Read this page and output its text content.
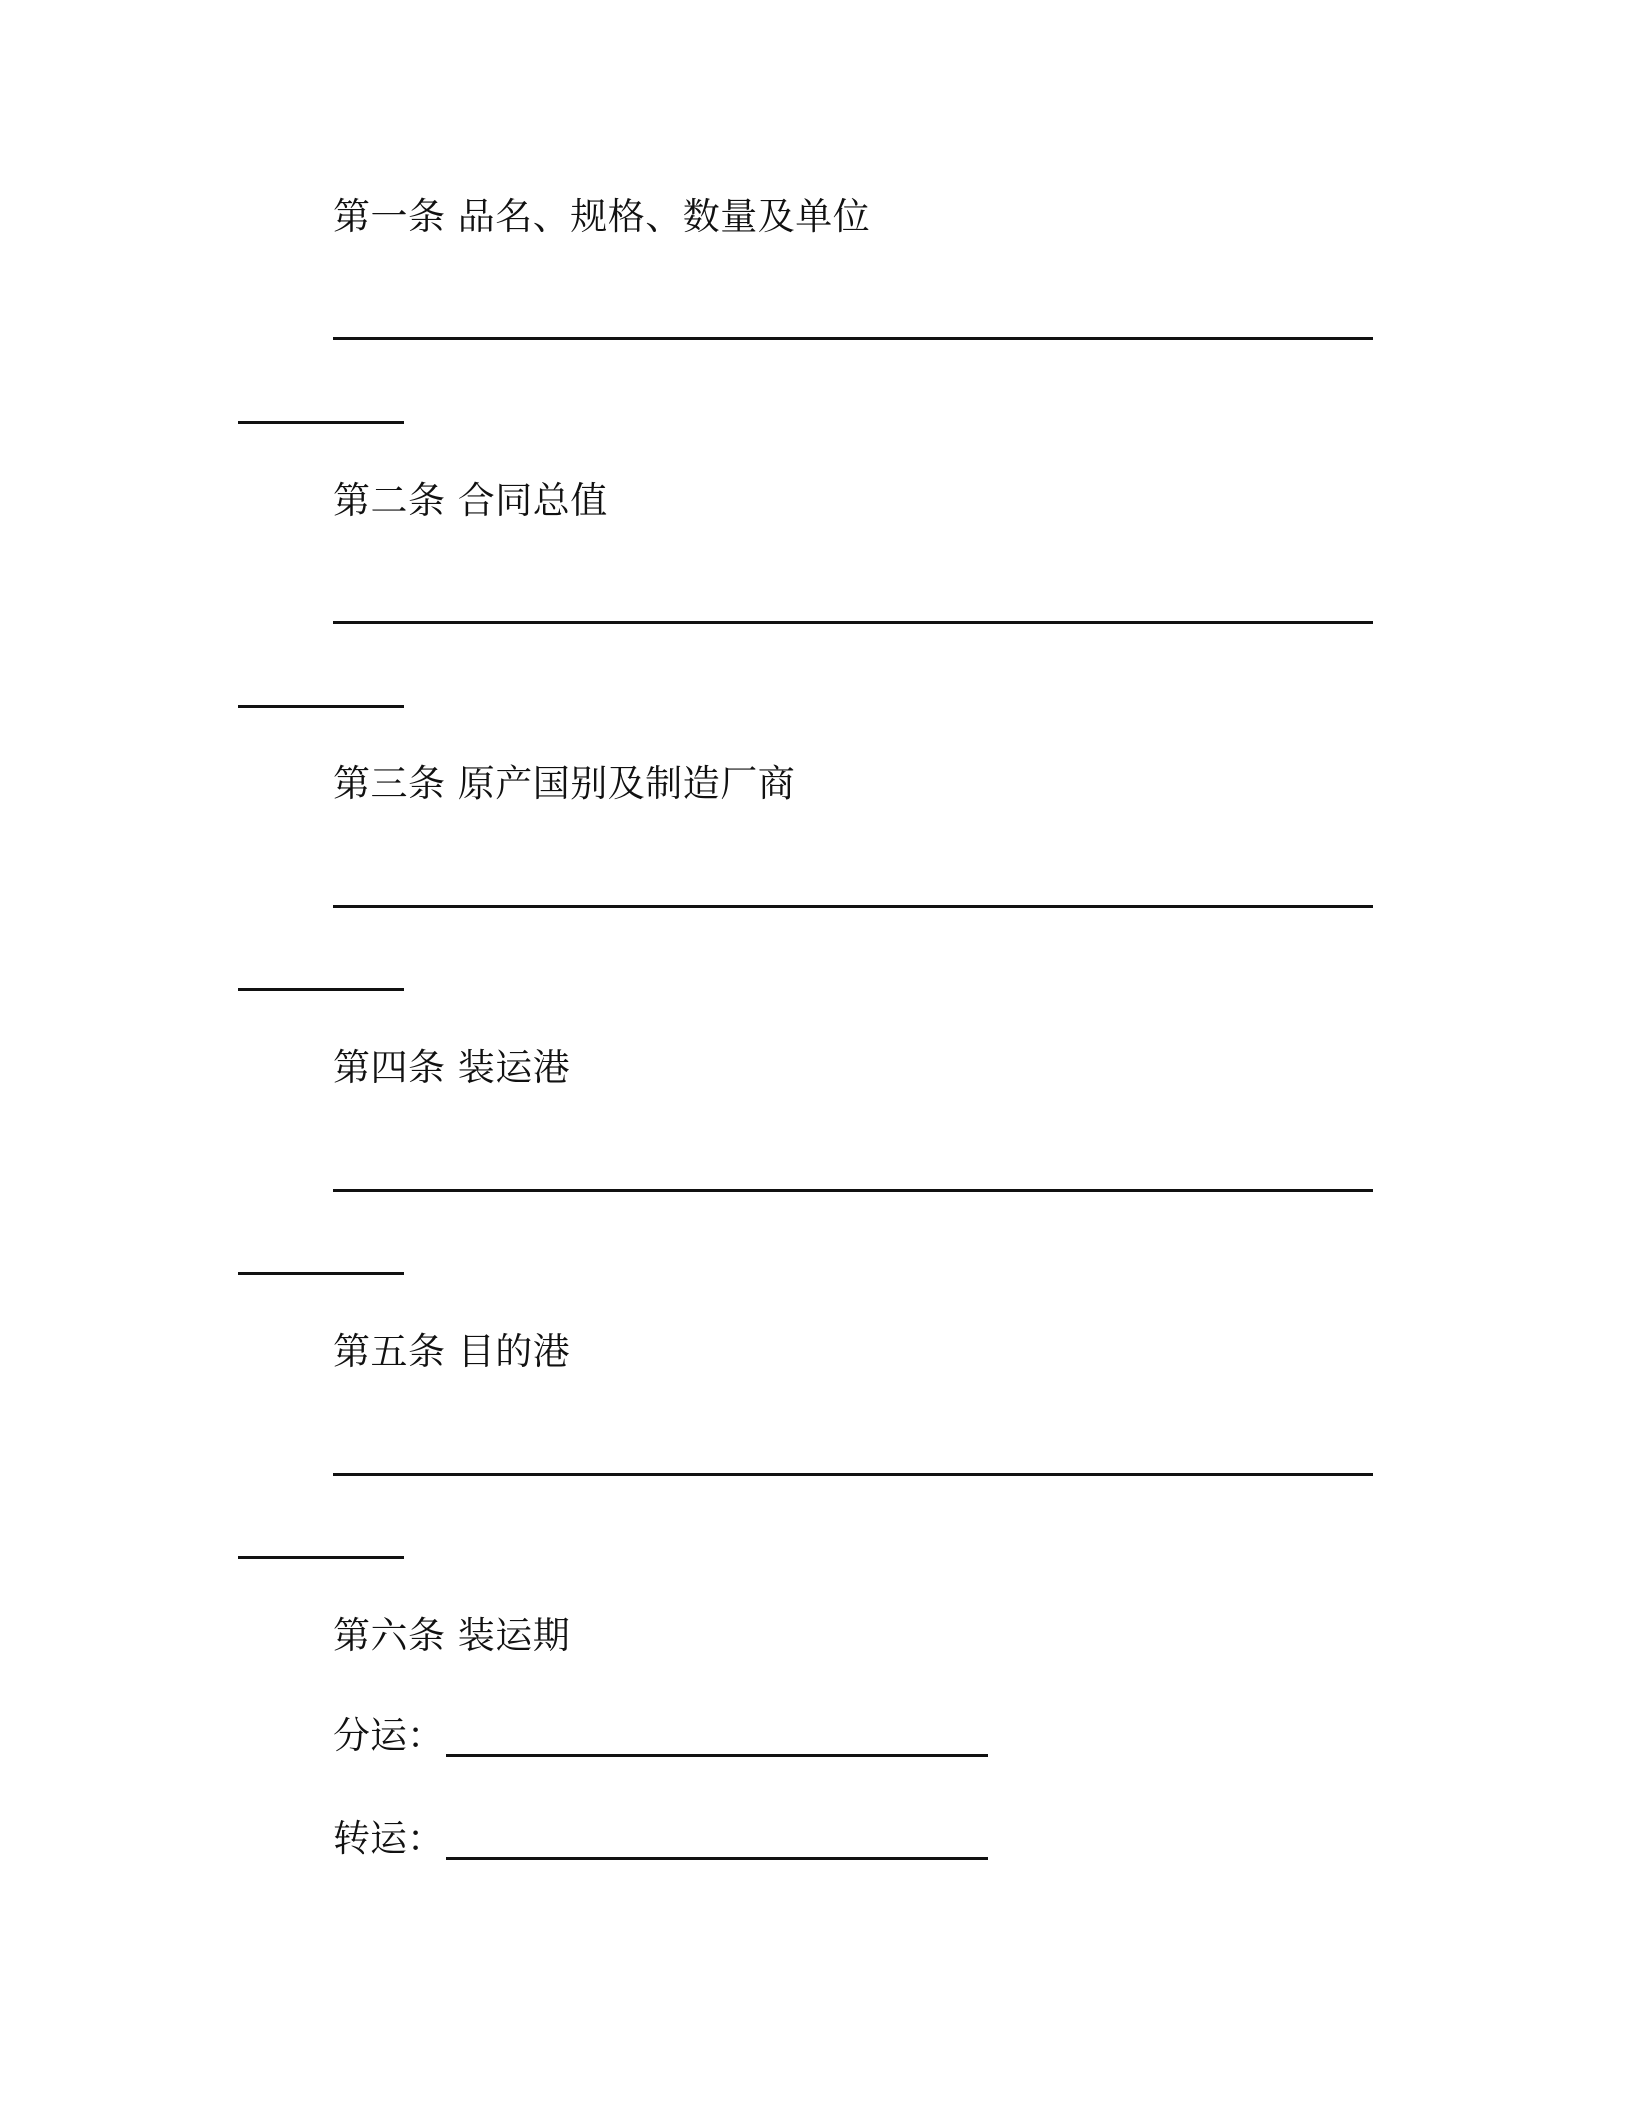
第一条 品名、规格、数量及单位
第二条 合同总值
第三条 原产国别及制造厂商
第四条 装运港
第五条 目的港
第六条 装运期
分运：
转运：
